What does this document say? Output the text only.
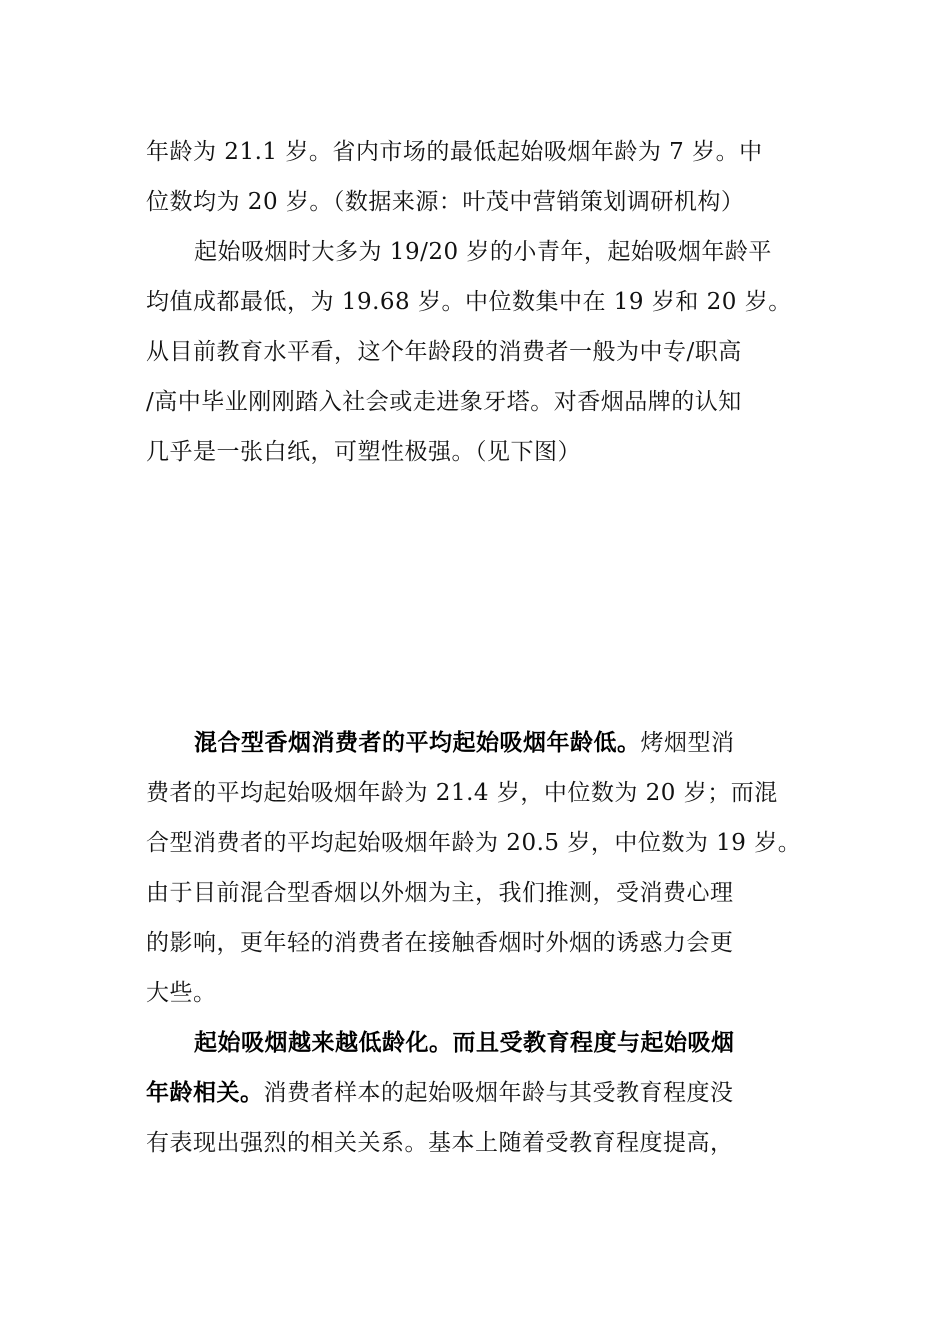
年龄为 21.1 岁。省内市场的最低起始吸烟年龄为 7 岁。中
位数均为 20 岁。（数据来源：叶茂中营销策划调研机构）
起始吸烟时大多为 19/20 岁的小青年，起始吸烟年龄平
均值成都最低，为 19.68 岁。中位数集中在 19 岁和 20 岁。
从目前教育水平看，这个年龄段的消费者一般为中专/职高
/高中毕业刚刚踏入社会或走进象牙塔。对香烟品牌的认知
几乎是一张白纸，可塑性极强。（见下图）
混合型香烟消费者的平均起始吸烟年龄低。烤烟型消
费者的平均起始吸烟年龄为 21.4 岁，中位数为 20 岁；而混
合型消费者的平均起始吸烟年龄为 20.5 岁，中位数为 19 岁。
由于目前混合型香烟以外烟为主，我们推测，受消费心理
的影响，更年轻的消费者在接触香烟时外烟的诱惑力会更
大些。
起始吸烟越来越低龄化。而且受教育程度与起始吸烟
年龄相关。消费者样本的起始吸烟年龄与其受教育程度没
有表现出强烈的相关关系。基本上随着受教育程度提高，
